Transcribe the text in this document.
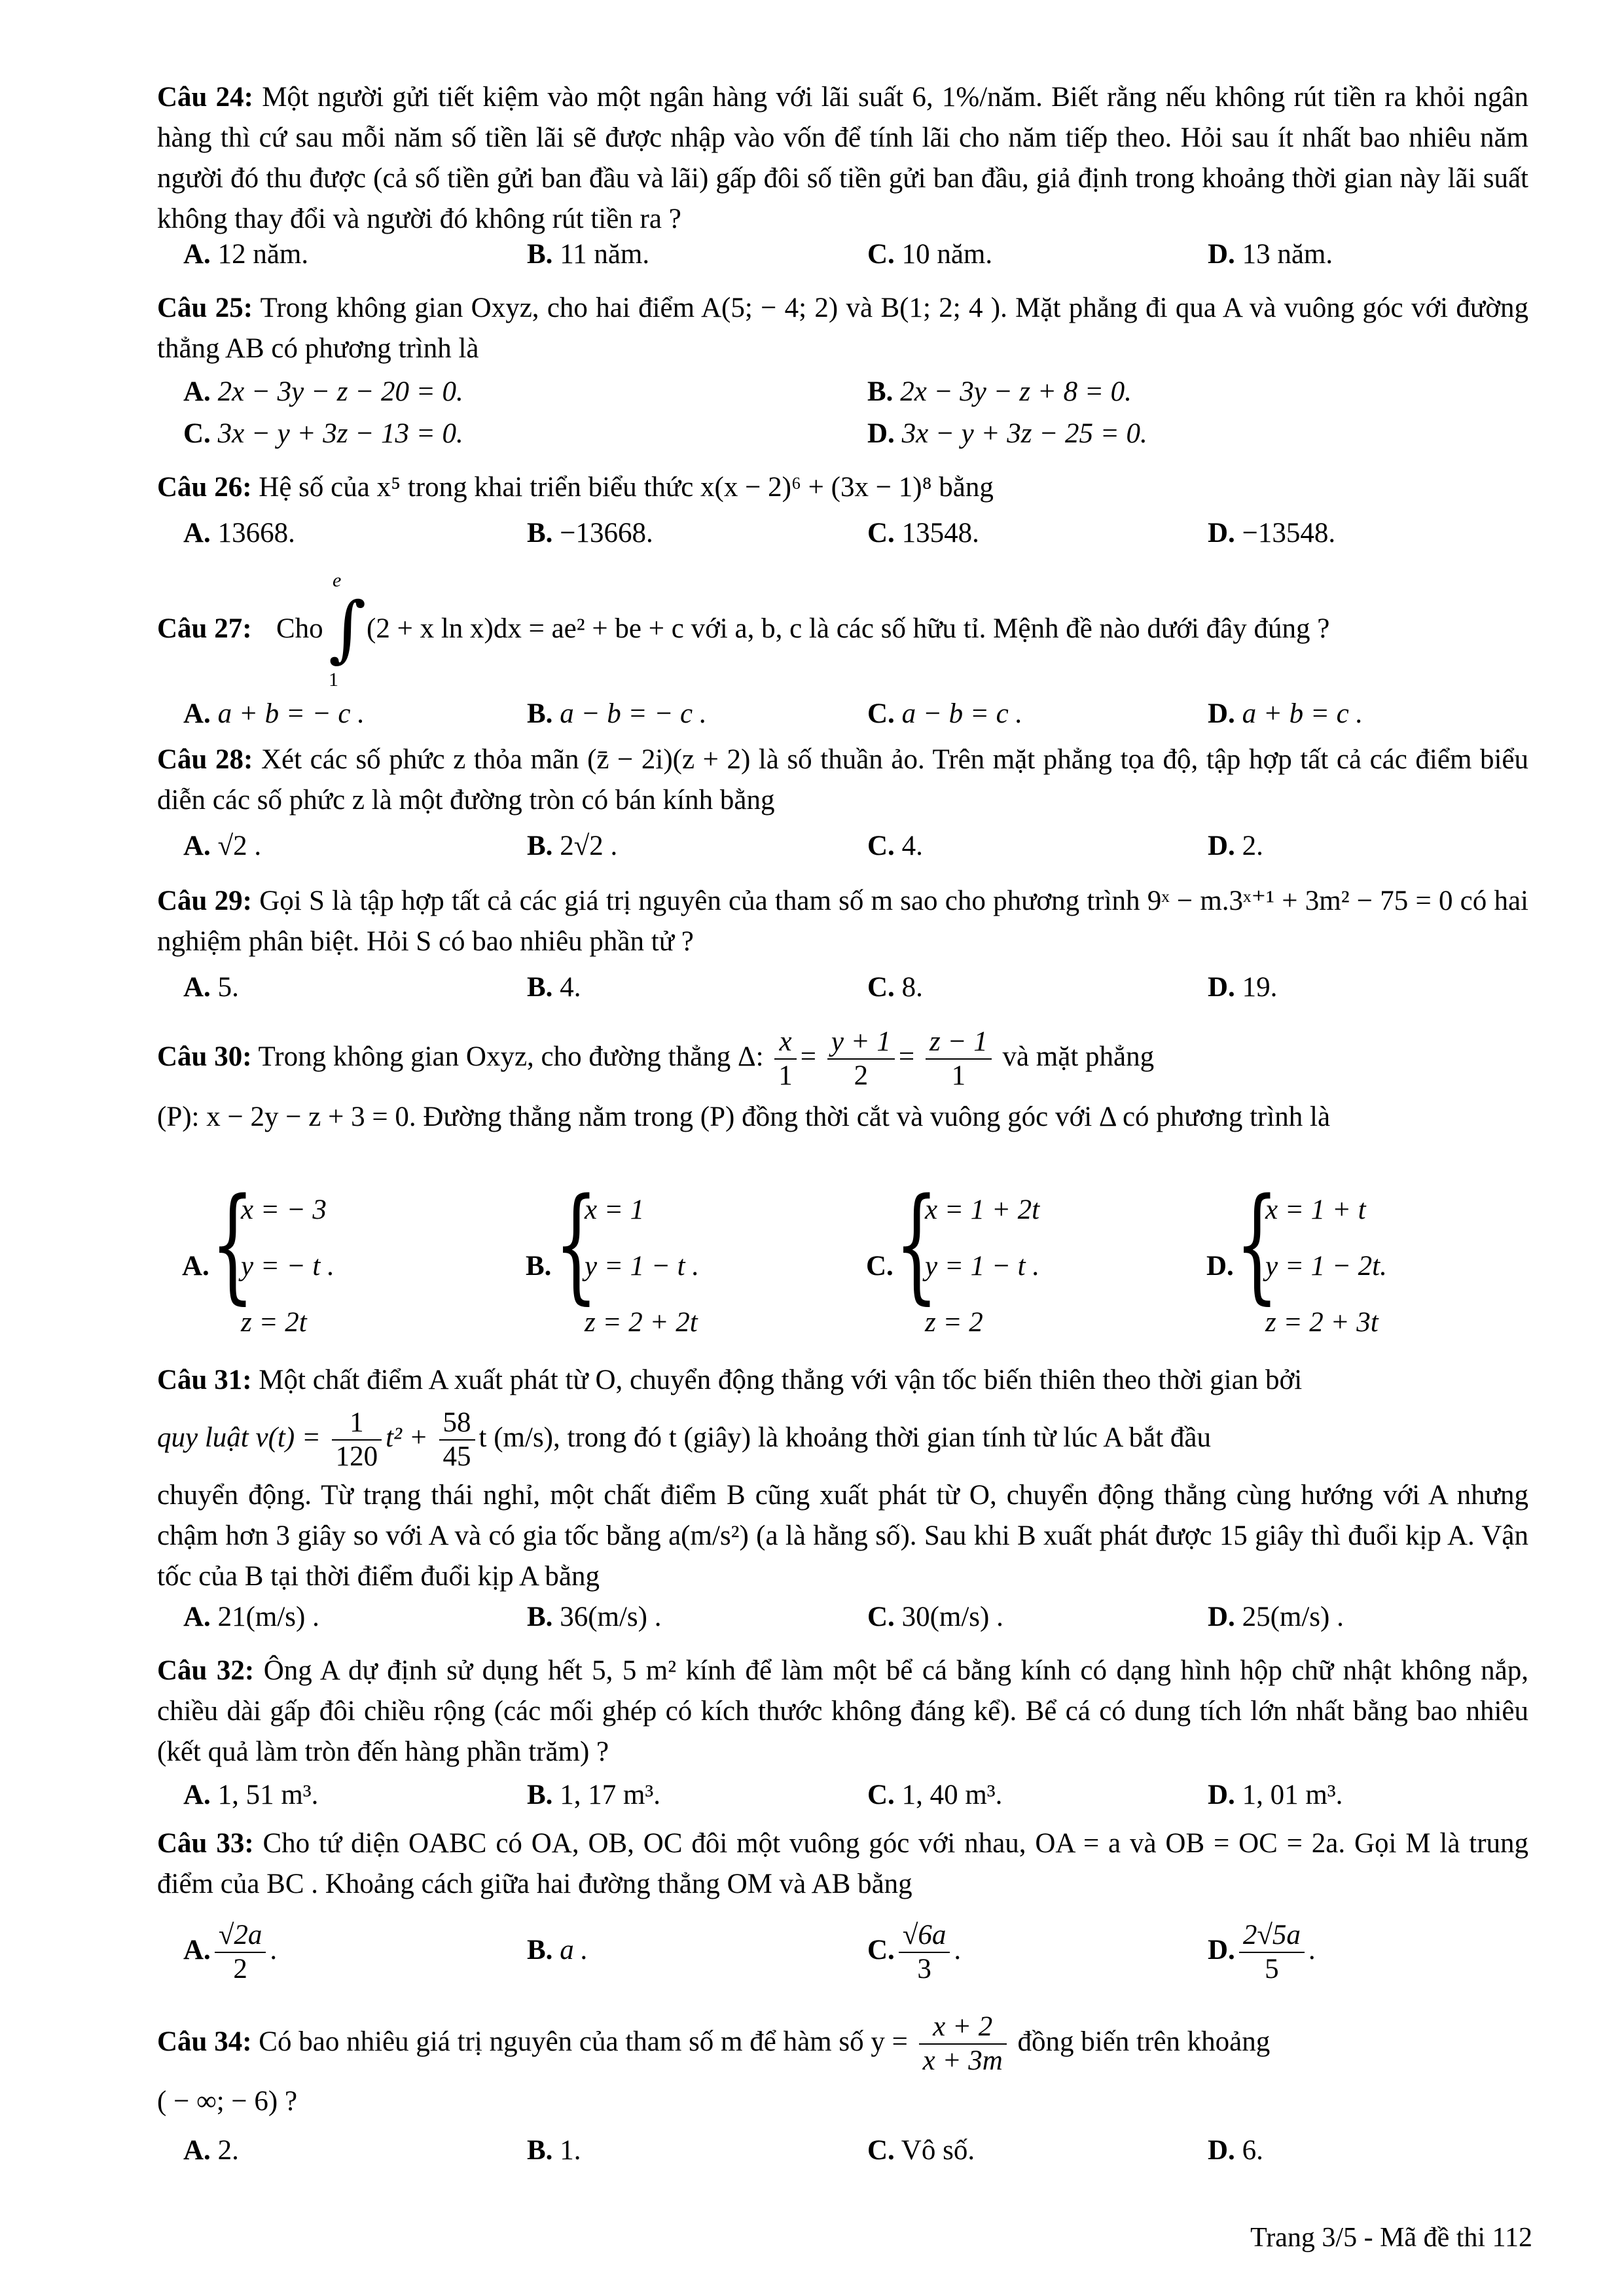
Câu 24: Một người gửi tiết kiệm vào một ngân hàng với lãi suất 6, 1%/năm. Biết rằng nếu không rút tiền ra khỏi ngân hàng thì cứ sau mỗi năm số tiền lãi sẽ được nhập vào vốn để tính lãi cho năm tiếp theo. Hỏi sau ít nhất bao nhiêu năm người đó thu được (cả số tiền gửi ban đầu và lãi) gấp đôi số tiền gửi ban đầu, giả định trong khoảng thời gian này lãi suất không thay đổi và người đó không rút tiền ra ?
A. 12 năm.	B. 11 năm.	C. 10 năm.	D. 13 năm.
Câu 25: Trong không gian Oxyz, cho hai điểm A(5; − 4; 2) và B(1; 2; 4 ). Mặt phẳng đi qua A và vuông góc với đường thẳng AB có phương trình là
A. 2x − 3y − z − 20 = 0.	B. 2x − 3y − z + 8 = 0.
C. 3x − y + 3z − 13 = 0.	D. 3x − y + 3z − 25 = 0.
Câu 26: Hệ số của x⁵ trong khai triển biểu thức x(x − 2)⁶ + (3x − 1)⁸ bằng
A. 13668.	B. −13668.	C. 13548.	D. −13548.
Câu 27: Cho
e
∫
1
(2 + x ln x)dx = ae² + be + c với a, b, c là các số hữu tỉ. Mệnh đề nào dưới đây đúng ?
A. a + b = − c .	B. a − b = − c .	C. a − b = c .	D. a + b = c .
Câu 28: Xét các số phức z thỏa mãn (z̄ − 2i)(z + 2) là số thuần ảo. Trên mặt phẳng tọa độ, tập hợp tất cả các điểm biểu diễn các số phức z là một đường tròn có bán kính bằng
A. √2 .	B. 2√2 .	C. 4.	D. 2.
Câu 29: Gọi S là tập hợp tất cả các giá trị nguyên của tham số m sao cho phương trình 9ˣ − m.3ˣ⁺¹ + 3m² − 75 = 0 có hai nghiệm phân biệt. Hỏi S có bao nhiêu phần tử ?
A. 5.	B. 4.	C. 8.	D. 19.
Câu 30: Trong không gian Oxyz, cho đường thẳng Δ: $\frac{x}{1} = \frac{y + 1}{2} = \frac{z - 1}{1}$ và mặt phẳng
(P): x − 2y − z + 3 = 0. Đường thẳng nằm trong (P) đồng thời cắt và vuông góc với Δ có phương trình là
A. {
x = − 3
y = − t .
z = 2t
B. {
x = 1
y = 1 − t .
z = 2 + 2t
C. {
x = 1 + 2t
y = 1 − t .
z = 2
D. {
x = 1 + t
y = 1 − 2t.
z = 2 + 3t
Câu 31: Một chất điểm A xuất phát từ O, chuyển động thẳng với vận tốc biến thiên theo thời gian bởi
quy luật $v(t) = \frac{1}{120} t^2 + \frac{58}{45}$ t (m/s), trong đó t (giây) là khoảng thời gian tính từ lúc A bắt đầu
chuyển động. Từ trạng thái nghỉ, một chất điểm B cũng xuất phát từ O, chuyển động thẳng cùng hướng với A nhưng chậm hơn 3 giây so với A và có gia tốc bằng a(m/s²) (a là hằng số). Sau khi B xuất phát được 15 giây thì đuổi kịp A. Vận tốc của B tại thời điểm đuổi kịp A bằng
A. 21(m/s) .	B. 36(m/s) .	C. 30(m/s) .	D. 25(m/s) .
Câu 32: Ông A dự định sử dụng hết 5, 5 m² kính để làm một bể cá bằng kính có dạng hình hộp chữ nhật không nắp, chiều dài gấp đôi chiều rộng (các mối ghép có kích thước không đáng kể). Bể cá có dung tích lớn nhất bằng bao nhiêu (kết quả làm tròn đến hàng phần trăm) ?
A. 1, 51 m³.	B. 1, 17 m³.	C. 1, 40 m³.	D. 1, 01 m³.
Câu 33: Cho tứ diện OABC có OA, OB, OC đôi một vuông góc với nhau, OA = a và OB = OC = 2a. Gọi M là trung điểm của BC . Khoảng cách giữa hai đường thẳng OM và AB bằng
A. $\frac{√2a}{2}$ .	B. a .	C. $\frac{√6a}{3}$ .	D. $\frac{2√5a}{5}$ .
Câu 34: Có bao nhiêu giá trị nguyên của tham số m để hàm số $y = \frac{x + 2}{x + 3m}$ đồng biến trên khoảng
( − ∞; − 6) ?
A. 2.	B. 1.	C. Vô số.	D. 6.
Trang 3/5 - Mã đề thi 112
